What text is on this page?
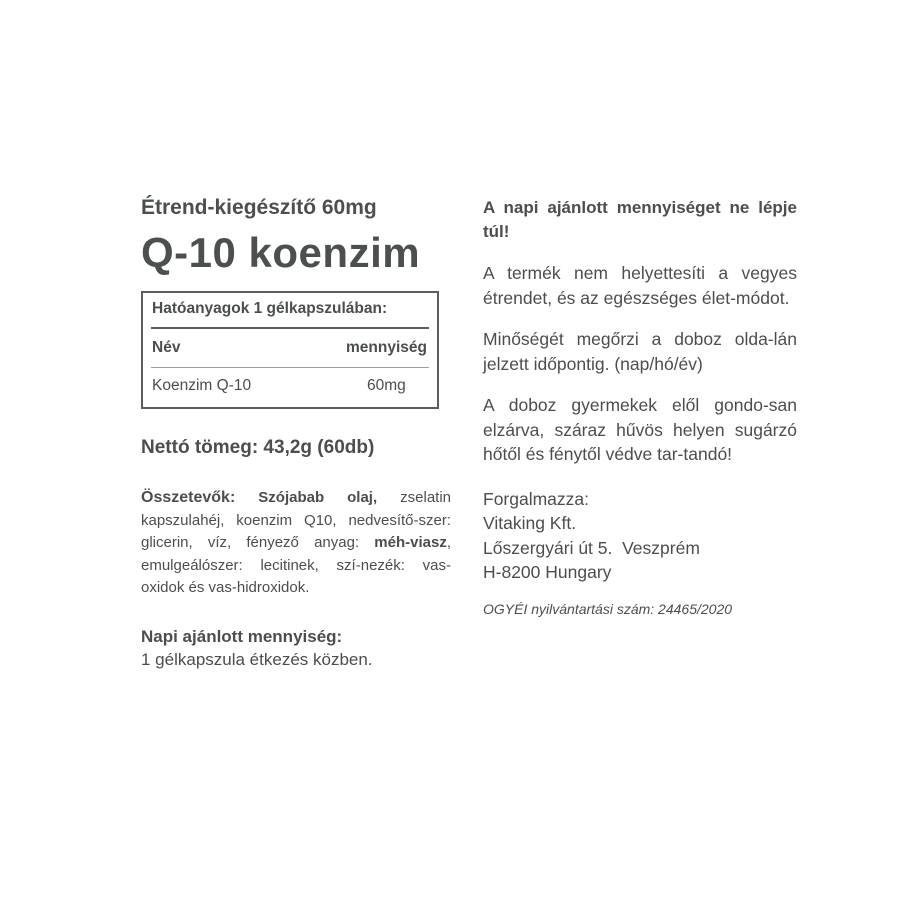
Étrend-kiegészítő 60mg

Q-10 koenzim
Hatóanyagok 1 gélkapszulában:
Név	mennyiség
Koenzim Q-10	60mg
Nettó tömeg: 43,2g (60db)
Összetevők: Szójabab olaj, zselatin kapszulahéj, koenzim Q10, nedvesítő-szer: glicerin, víz, fényező anyag: méh-viasz, emulgeálószer: lecitinek, szí-nezék: vas-oxidok és vas-hidroxidok.
Napi ajánlott mennyiség:
1 gélkapszula étkezés közben.

A napi ajánlott mennyiséget ne lépje túl!

A termék nem helyettesíti a vegyes étrendet, és az egészséges élet-módot.

Minőségét megőrzi a doboz olda-lán jelzett időpontig. (nap/hó/év)

A doboz gyermekek elől gondo-san elzárva, száraz hűvös helyen sugárzó hőtől és fénytől védve tar-tandó!

Forgalmazza:
Vitaking Kft.
Lőszergyári út 5.  Veszprém
H-8200 Hungary
OGYÉI nyilvántartási szám: 24465/2020
